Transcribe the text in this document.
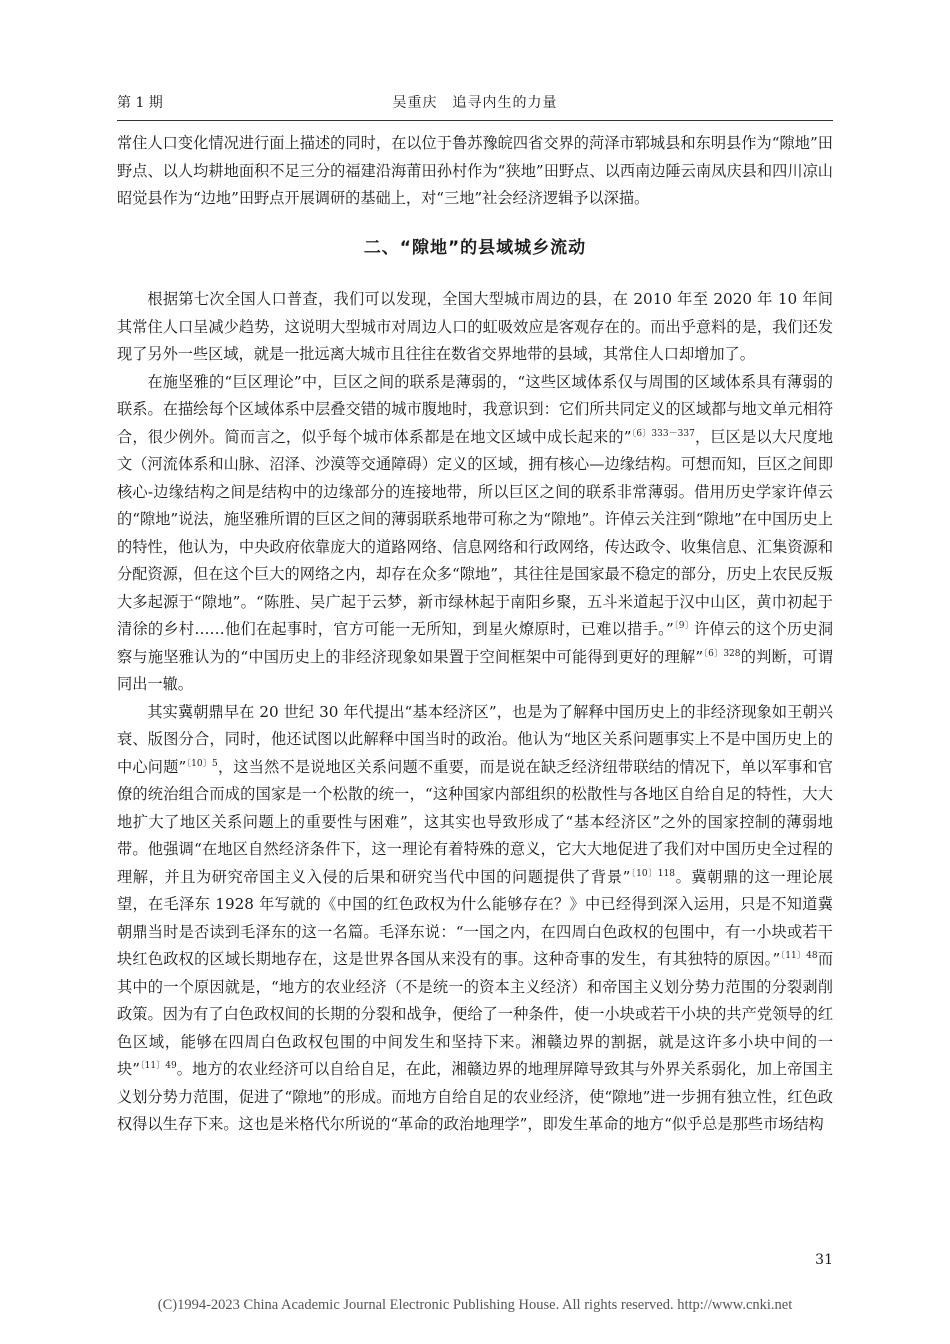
第 1 期	吴重庆　追寻内生的力量

常住人口变化情况进行面上描述的同时，在以位于鲁苏豫皖四省交界的菏泽市郓城县和东明县作为“隙地”田野点、以人均耕地面积不足三分的福建沿海莆田孙村作为“狭地”田野点、以西南边陲云南凤庆县和四川凉山昭觉县作为“边地”田野点开展调研的基础上，对“三地”社会经济逻辑予以深描。

二、“隙地”的县域城乡流动

根据第七次全国人口普查，我们可以发现，全国大型城市周边的县，在 2010 年至 2020 年 10 年间其常住人口呈减少趋势，这说明大型城市对周边人口的虹吸效应是客观存在的。而出乎意料的是，我们还发现了另外一些区域，就是一批远离大城市且往往在数省交界地带的县域，其常住人口却增加了。

在施坚雅的“巨区理论”中，巨区之间的联系是薄弱的，“这些区域体系仅与周围的区域体系具有薄弱的联系。在描绘每个区域体系中层叠交错的城市腹地时，我意识到：它们所共同定义的区域都与地文单元相符合，很少例外。简而言之，似乎每个城市体系都是在地文区域中成长起来的”$^{〔6〕333-337}$，巨区是以大尺度地文（河流体系和山脉、沼泽、沙漠等交通障碍）定义的区域，拥有核心—边缘结构。可想而知，巨区之间即核心-边缘结构之间是结构中的边缘部分的连接地带，所以巨区之间的联系非常薄弱。借用历史学家许倬云的“隙地”说法，施坚雅所谓的巨区之间的薄弱联系地带可称之为“隙地”。许倬云关注到“隙地”在中国历史上的特性，他认为，中央政府依靠庞大的道路网络、信息网络和行政网络，传达政令、收集信息、汇集资源和分配资源，但在这个巨大的网络之内，却存在众多“隙地”，其往往是国家最不稳定的部分，历史上农民反叛大多起源于“隙地”。“陈胜、吴广起于云梦，新市绿林起于南阳乡聚，五斗米道起于汉中山区，黄巾初起于清徐的乡村……他们在起事时，官方可能一无所知，到星火燎原时，已难以措手。”$^{〔9〕}$许倬云的这个历史洞察与施坚雅认为的“中国历史上的非经济现象如果置于空间框架中可能得到更好的理解”$^{〔6〕328}$的判断，可谓同出一辙。

其实冀朝鼎早在 20 世纪 30 年代提出“基本经济区”，也是为了解释中国历史上的非经济现象如王朝兴衰、版图分合，同时，他还试图以此解释中国当时的政治。他认为“地区关系问题事实上不是中国历史上的中心问题”$^{〔10〕5}$，这当然不是说地区关系问题不重要，而是说在缺乏经济纽带联结的情况下，单以军事和官僚的统治组合而成的国家是一个松散的统一，“这种国家内部组织的松散性与各地区自给自足的特性，大大地扩大了地区关系问题上的重要性与困难”，这其实也导致形成了“基本经济区”之外的国家控制的薄弱地带。他强调“在地区自然经济条件下，这一理论有着特殊的意义，它大大地促进了我们对中国历史全过程的理解，并且为研究帝国主义入侵的后果和研究当代中国的问题提供了背景”$^{〔10〕118}$。冀朝鼎的这一理论展望，在毛泽东 1928 年写就的《中国的红色政权为什么能够存在？》中已经得到深入运用，只是不知道冀朝鼎当时是否读到毛泽东的这一名篇。毛泽东说：“一国之内，在四周白色政权的包围中，有一小块或若干块红色政权的区域长期地存在，这是世界各国从来没有的事。这种奇事的发生，有其独特的原因。”$^{〔11〕48}$而其中的一个原因就是，“地方的农业经济（不是统一的资本主义经济）和帝国主义划分势力范围的分裂剥削政策。因为有了白色政权间的长期的分裂和战争，便给了一种条件，使一小块或若干小块的共产党领导的红色区域，能够在四周白色政权包围的中间发生和坚持下来。湘赣边界的割据，就是这许多小块中间的一块”$^{〔11〕49}$。地方的农业经济可以自给自足，在此，湘赣边界的地理屏障导致其与外界关系弱化，加上帝国主义划分势力范围，促进了“隙地”的形成。而地方自给自足的农业经济，使“隙地”进一步拥有独立性，红色政权得以生存下来。这也是米格代尔所说的“革命的政治地理学”，即发生革命的地方“似乎总是那些市场结构

31
(C)1994-2023 China Academic Journal Electronic Publishing House. All rights reserved. http://www.cnki.net
